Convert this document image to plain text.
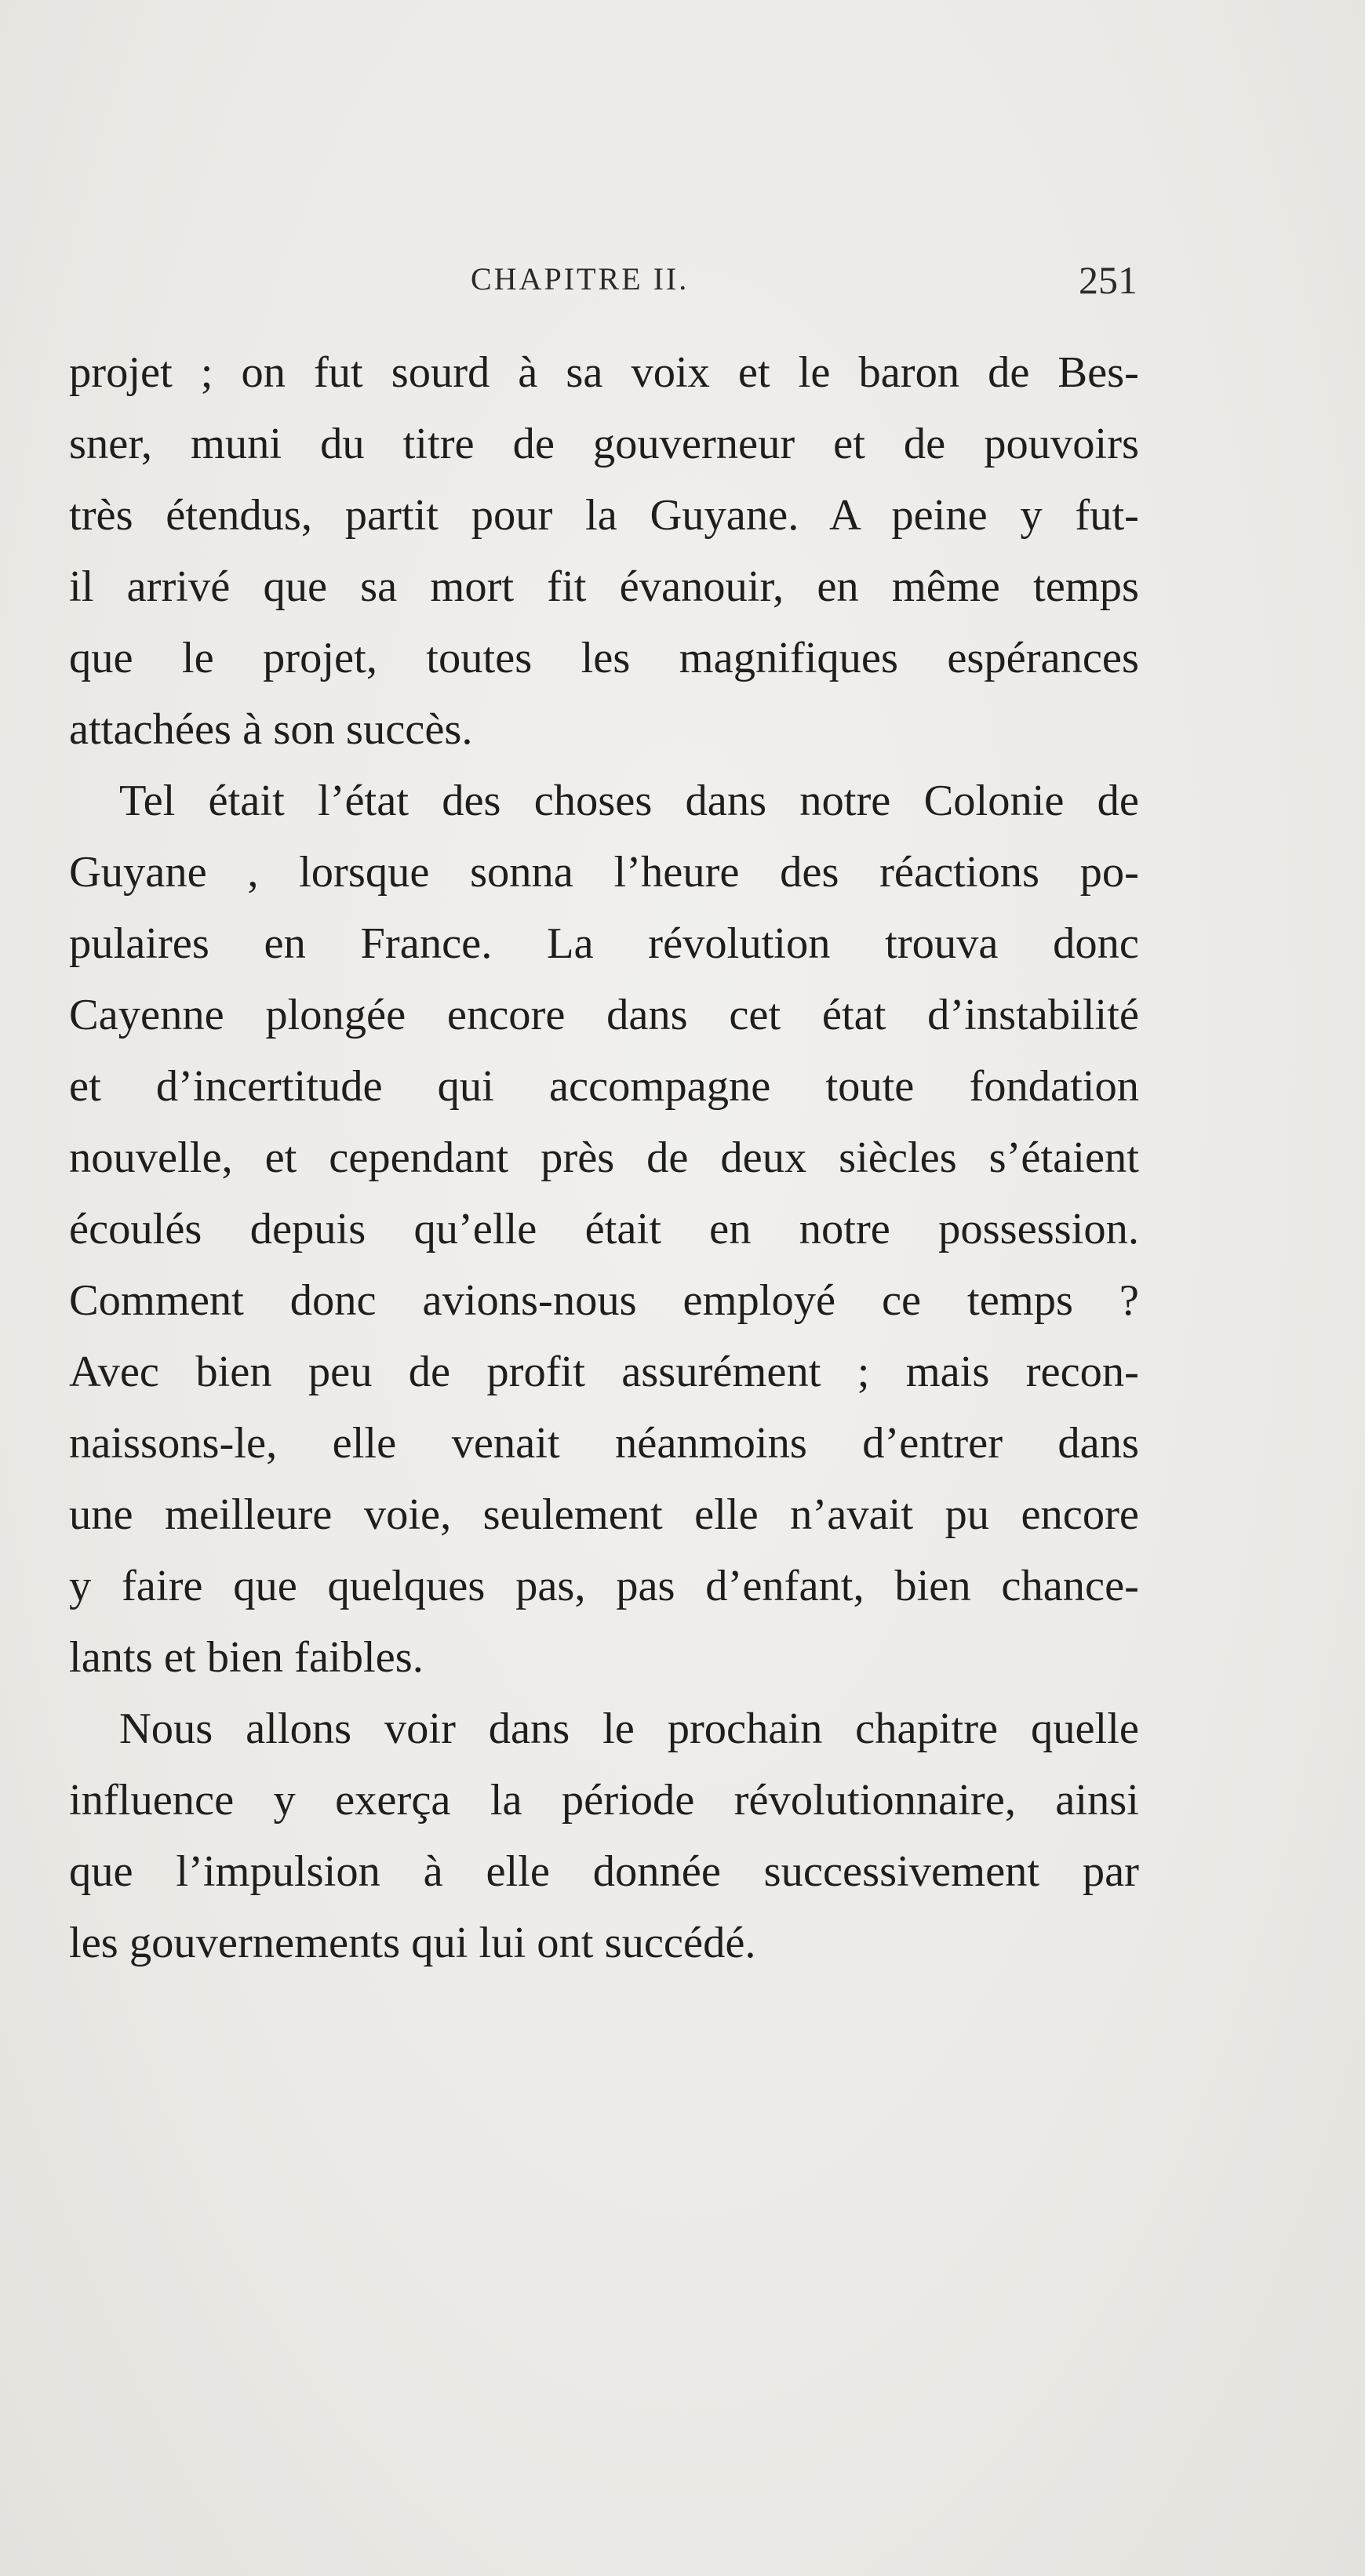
CHAPITRE II.	251
projet ; on fut sourd à sa voix et le baron de Bes-
sner, muni du titre de gouverneur et de pouvoirs
très étendus, partit pour la Guyane. A peine y fut-
il arrivé que sa mort fit évanouir, en même temps
que le projet, toutes les magnifiques espérances
attachées à son succès.
Tel était l’état des choses dans notre Colonie de
Guyane , lorsque sonna l’heure des réactions po-
pulaires en France. La révolution trouva donc
Cayenne plongée encore dans cet état d’instabilité
et d’incertitude qui accompagne toute fondation
nouvelle, et cependant près de deux siècles s’étaient
écoulés depuis qu’elle était en notre possession.
Comment donc avions-nous employé ce temps ?
Avec bien peu de profit assurément ; mais recon-
naissons-le, elle venait néanmoins d’entrer dans
une meilleure voie, seulement elle n’avait pu encore
y faire que quelques pas, pas d’enfant, bien chance-
lants et bien faibles.
Nous allons voir dans le prochain chapitre quelle
influence y exerça la période révolutionnaire, ainsi
que l’impulsion à elle donnée successivement par
les gouvernements qui lui ont succédé.
